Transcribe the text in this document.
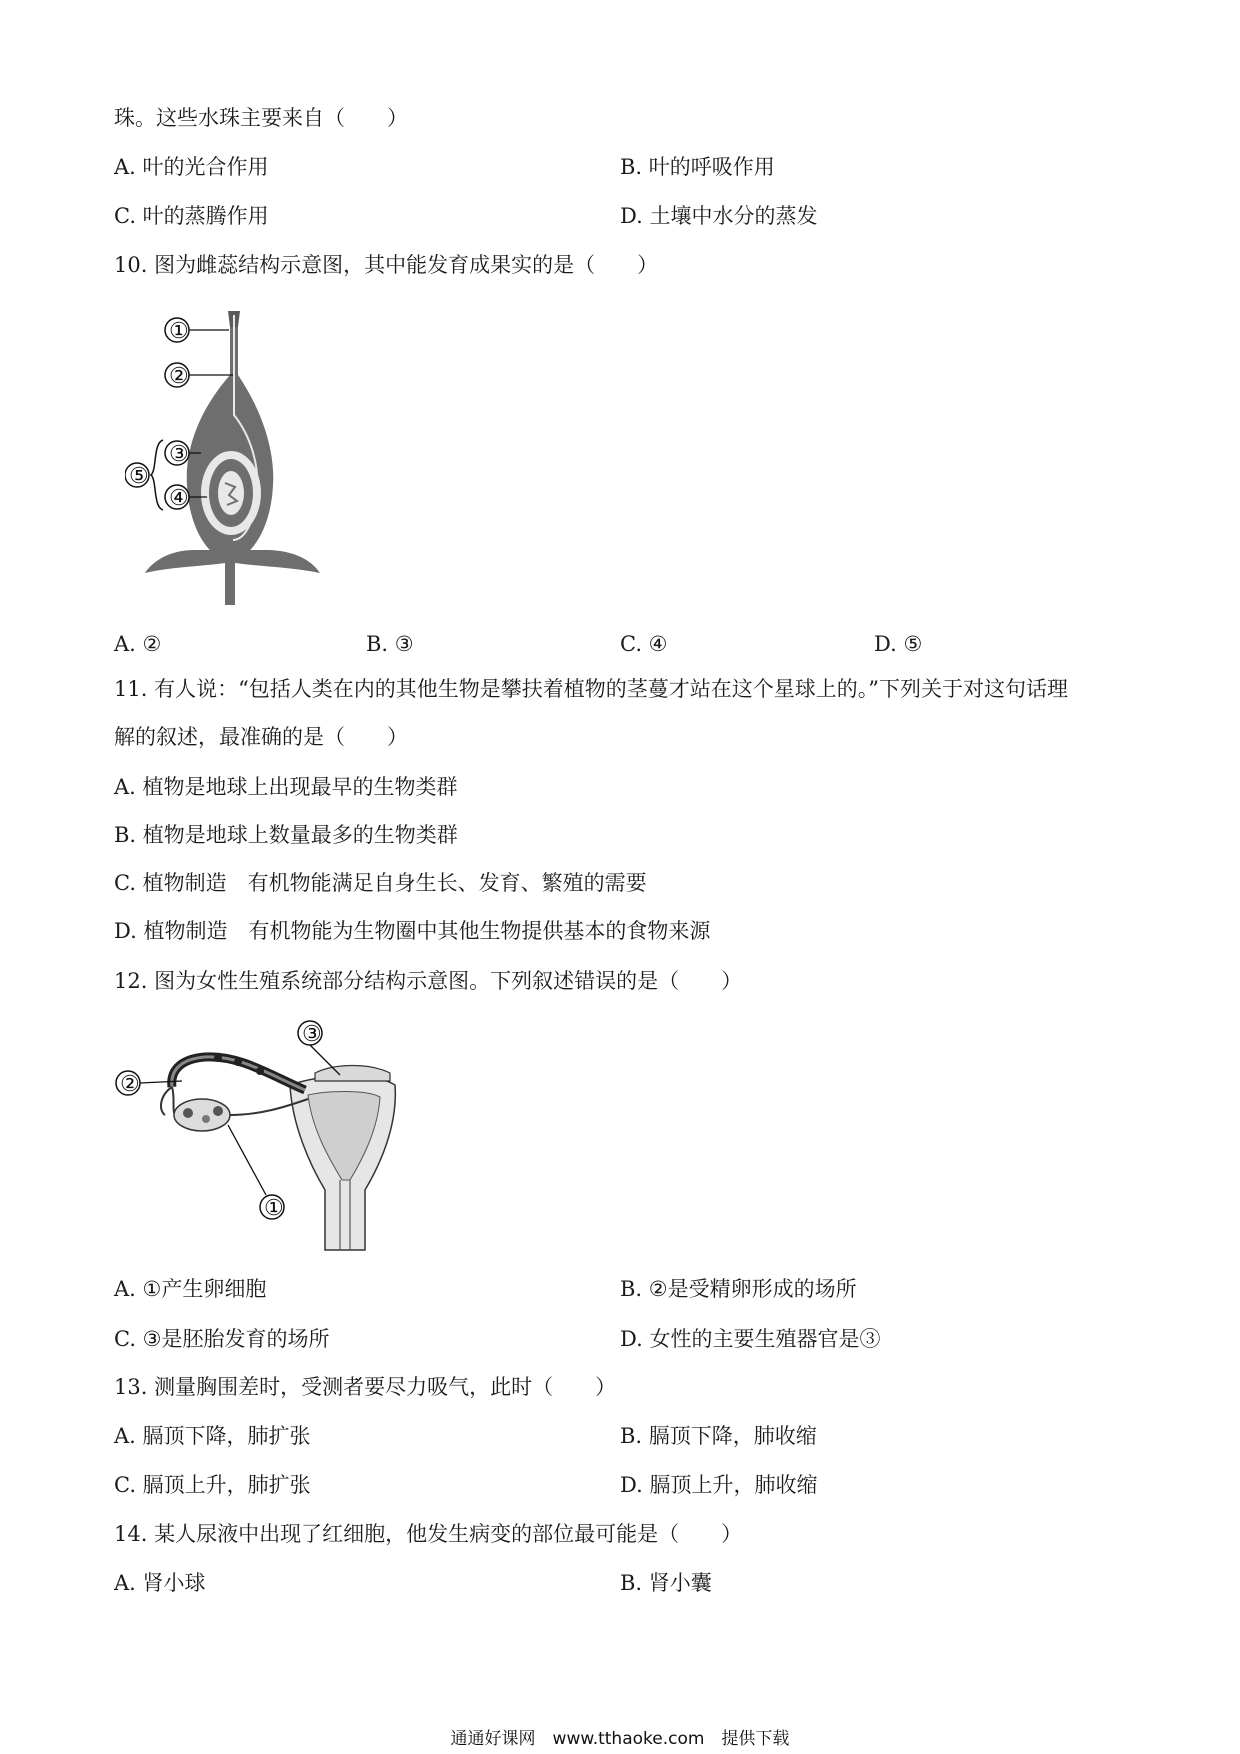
珠。这些水珠主要来自（　　）
A. 叶的光合作用	B. 叶的呼吸作用
C. 叶的蒸腾作用	D. 土壤中水分的蒸发
10. 图为雌蕊结构示意图，其中能发育成果实的是（　　）
①
②
③
④
⑤
A. ②	B. ③	C. ④	D. ⑤
11. 有人说：“包括人类在内的其他生物是攀扶着植物的茎蔓才站在这个星球上的。”下列关于对这句话理
解的叙述，最准确的是（　　）
A. 植物是地球上出现最早的生物类群
B. 植物是地球上数量最多的生物类群
C. 植物制造　有机物能满足自身生长、发育、繁殖的需要
D. 植物制造　有机物能为生物圈中其他生物提供基本的食物来源
12. 图为女性生殖系统部分结构示意图。下列叙述错误的是（　　）
③
②
①
A. ①产生卵细胞	B. ②是受精卵形成的场所
C. ③是胚胎发育的场所	D. 女性的主要生殖器官是③
13. 测量胸围差时，受测者要尽力吸气，此时（　　）
A. 膈顶下降，肺扩张	B. 膈顶下降，肺收缩
C. 膈顶上升，肺扩张	D. 膈顶上升，肺收缩
14. 某人尿液中出现了红细胞，他发生病变的部位最可能是（　　）
A. 肾小球	B. 肾小囊
通通好课网　www.tthaoke.com　提供下载
